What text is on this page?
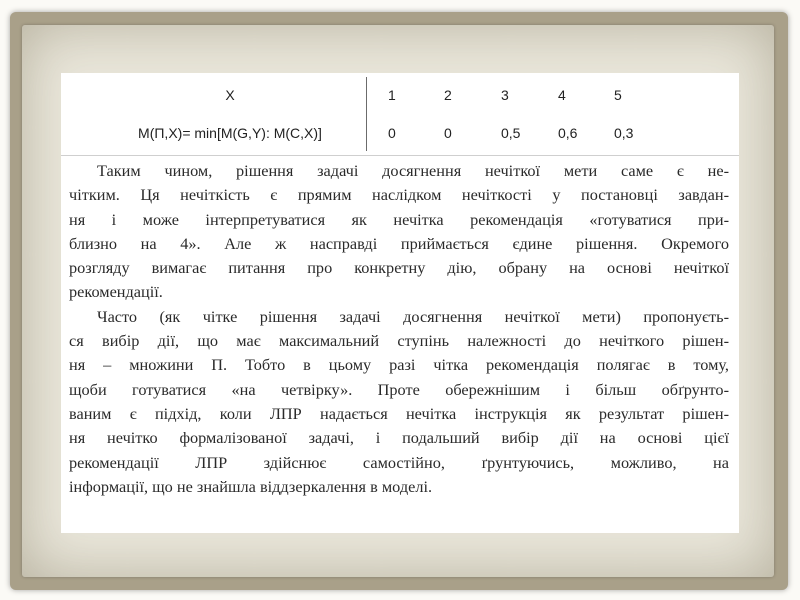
X	1	2	3	4	5
M(П,X)= min[M(G,Y): M(C,X)]	0	0	0,5	0,6	0,3
Таким чином, рішення задачі досягнення нечіткої мети саме є не-
чітким. Ця нечіткість є прямим наслідком нечіткості у постановці завдан-
ня і може інтерпретуватися як нечітка рекомендація «готуватися при-
близно на 4». Але ж насправді приймається єдине рішення. Окремого
розгляду вимагає питання про конкретну дію, обрану на основі нечіткої
рекомендації.
Часто (як чітке рішення задачі досягнення нечіткої мети) пропонуєть-
ся вибір дії, що має максимальний ступінь належності до нечіткого рішен-
ня – множини П. Тобто в цьому разі чітка рекомендація полягає в тому,
щоби готуватися «на четвірку». Проте обережнішим і більш обґрунто-
ваним є підхід, коли ЛПР надається нечітка інструкція як результат рішен-
ня нечітко формалізованої задачі, і подальший вибір дії на основі цієї
рекомендації ЛПР здійснює самостійно, ґрунтуючись, можливо, на
інформації, що не знайшла віддзеркалення в моделі.
